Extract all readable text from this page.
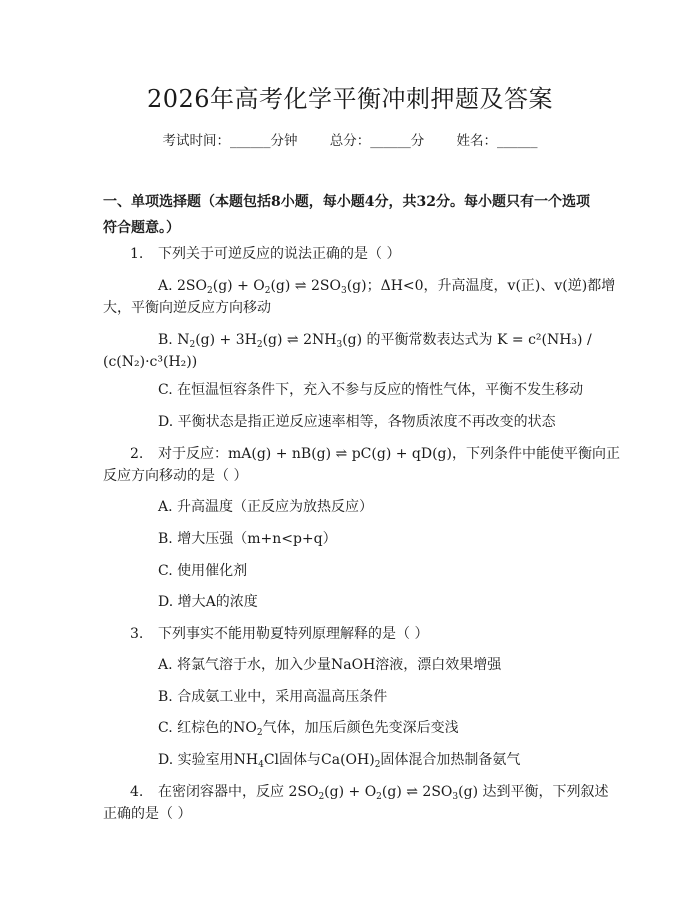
2026年高考化学平衡冲刺押题及答案
考试时间：______分钟 总分：______分 姓名：______
一、单项选择题（本题包括8小题，每小题4分，共32分。每小题只有一个选项
符合题意。）
1. 下列关于可逆反应的说法正确的是（ ）
A. $2SO_2(g) + O_2(g)$ ⇌ $2SO_3(g)$；ΔH<0，升高温度，v(正)、v(逆)都增
大，平衡向逆反应方向移动
B. $N_2(g) + 3H_2(g)$ ⇌ $2NH_3(g)$ 的平衡常数表达式为 K = c²(NH₃) /
(c(N₂)·c³(H₂))
C. 在恒温恒容条件下，充入不参与反应的惰性气体，平衡不发生移动
D. 平衡状态是指正逆反应速率相等，各物质浓度不再改变的状态
2. 对于反应：mA(g) + nB(g) ⇌ pC(g) + qD(g)，下列条件中能使平衡向正
反应方向移动的是（ ）
A. 升高温度（正反应为放热反应）
B. 增大压强（m+n<p+q）
C. 使用催化剂
D. 增大A的浓度
3. 下列事实不能用勒夏特列原理解释的是（ ）
A. 将氯气溶于水，加入少量NaOH溶液，漂白效果增强
B. 合成氨工业中，采用高温高压条件
C. 红棕色的$NO_2$气体，加压后颜色先变深后变浅
D. 实验室用$NH_4Cl$固体与$Ca(OH)_2$固体混合加热制备氨气
4. 在密闭容器中，反应 $2SO_2(g) + O_2(g)$ ⇌ $2SO_3(g)$ 达到平衡，下列叙述
正确的是（ ）
